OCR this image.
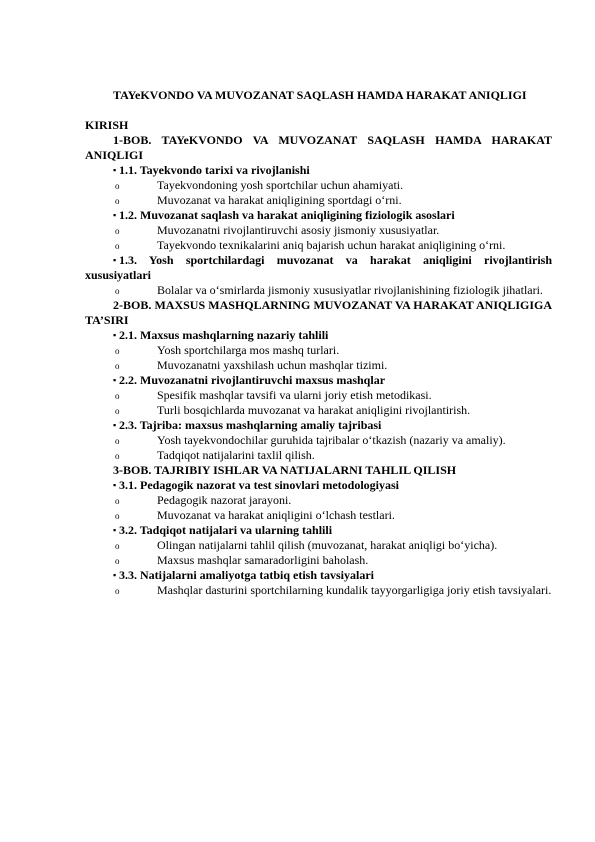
TAYeKVONDO VA MUVOZANAT SAQLASH HAMDA HARAKAT ANIQLIGI

KIRISH

1-BOB. TAYeKVONDO VA MUVOZANAT SAQLASH HAMDA HARAKAT ANIQLIGI

▪ 1.1. Tayekvondo tarixi va rivojlanishi

o	Tayekvondoning yosh sportchilar uchun ahamiyati.

o	Muvozanat va harakat aniqligining sportdagi o‘rni.

▪ 1.2. Muvozanat saqlash va harakat aniqligining fiziologik asoslari

o	Muvozanatni rivojlantiruvchi asosiy jismoniy xususiyatlar.

o	Tayekvondo texnikalarini aniq bajarish uchun harakat aniqligining o‘rni.

▪ 1.3. Yosh sportchilardagi muvozanat va harakat aniqligini rivojlantirish xususiyatlari

o	Bolalar va o‘smirlarda jismoniy xususiyatlar rivojlanishining fiziologik jihatlari.

2-BOB. MAXSUS MASHQLARNING MUVOZANAT VA HARAKAT ANIQLIGIGA TA’SIRI

▪ 2.1. Maxsus mashqlarning nazariy tahlili

o	Yosh sportchilarga mos mashq turlari.

o	Muvozanatni yaxshilash uchun mashqlar tizimi.

▪ 2.2. Muvozanatni rivojlantiruvchi maxsus mashqlar

o	Spesifik mashqlar tavsifi va ularni joriy etish metodikasi.

o	Turli bosqichlarda muvozanat va harakat aniqligini rivojlantirish.

▪ 2.3. Tajriba: maxsus mashqlarning amaliy tajribasi

o	Yosh tayekvondochilar guruhida tajribalar o‘tkazish (nazariy va amaliy).

o	Tadqiqot natijalarini taxlil qilish.

3-BOB. TAJRIBIY ISHLAR VA NATIJALARNI TAHLIL QILISH

▪ 3.1. Pedagogik nazorat va test sinovlari metodologiyasi

o	Pedagogik nazorat jarayoni.

o	Muvozanat va harakat aniqligini o‘lchash testlari.

▪ 3.2. Tadqiqot natijalari va ularning tahlili

o	Olingan natijalarni tahlil qilish (muvozanat, harakat aniqligi bo‘yicha).

o	Maxsus mashqlar samaradorligini baholash.

▪ 3.3. Natijalarni amaliyotga tatbiq etish tavsiyalari

o	Mashqlar dasturini sportchilarning kundalik tayyorgarligiga joriy etish tavsiyalari.
